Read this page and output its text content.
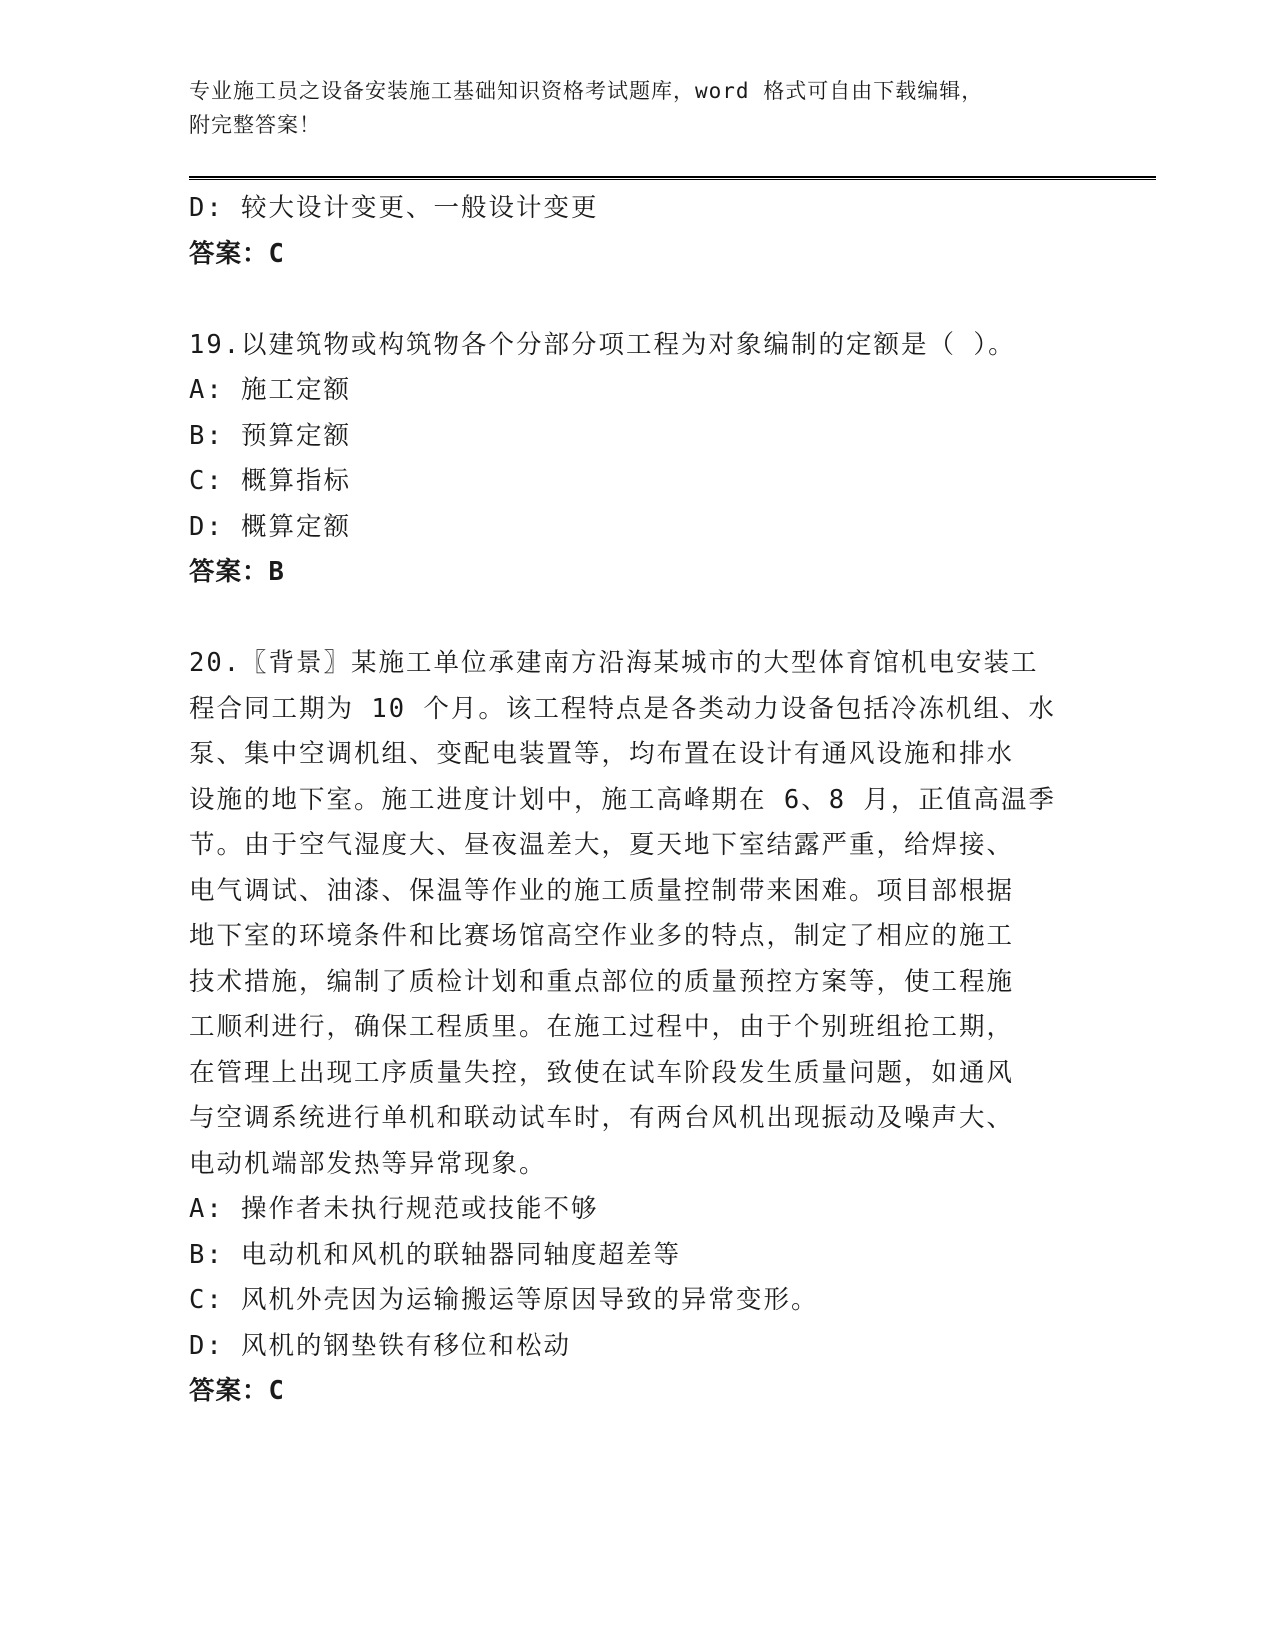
专业施工员之设备安装施工基础知识资格考试题库，word 格式可自由下载编辑，
附完整答案！
D: 较大设计变更、一般设计变更
答案：C
19.以建筑物或构筑物各个分部分项工程为对象编制的定额是（ ）。
A: 施工定额
B: 预算定额
C: 概算指标
D: 概算定额
答案：B
20.〖背景〗某施工单位承建南方沿海某城市的大型体育馆机电安装工
程合同工期为 10 个月。该工程特点是各类动力设备包括冷冻机组、水
泵、集中空调机组、变配电装置等，均布置在设计有通风设施和排水
设施的地下室。施工进度计划中，施工高峰期在 6、8 月，正值高温季
节。由于空气湿度大、昼夜温差大，夏天地下室结露严重，给焊接、
电气调试、油漆、保温等作业的施工质量控制带来困难。项目部根据
地下室的环境条件和比赛场馆高空作业多的特点，制定了相应的施工
技术措施，编制了质检计划和重点部位的质量预控方案等，使工程施
工顺利进行，确保工程质里。在施工过程中，由于个别班组抢工期，
在管理上出现工序质量失控，致使在试车阶段发生质量问题，如通风
与空调系统进行单机和联动试车时，有两台风机出现振动及噪声大、
电动机端部发热等异常现象。
A: 操作者未执行规范或技能不够
B: 电动机和风机的联轴器同轴度超差等
C: 风机外壳因为运输搬运等原因导致的异常变形。
D: 风机的钢垫铁有移位和松动
答案：C
